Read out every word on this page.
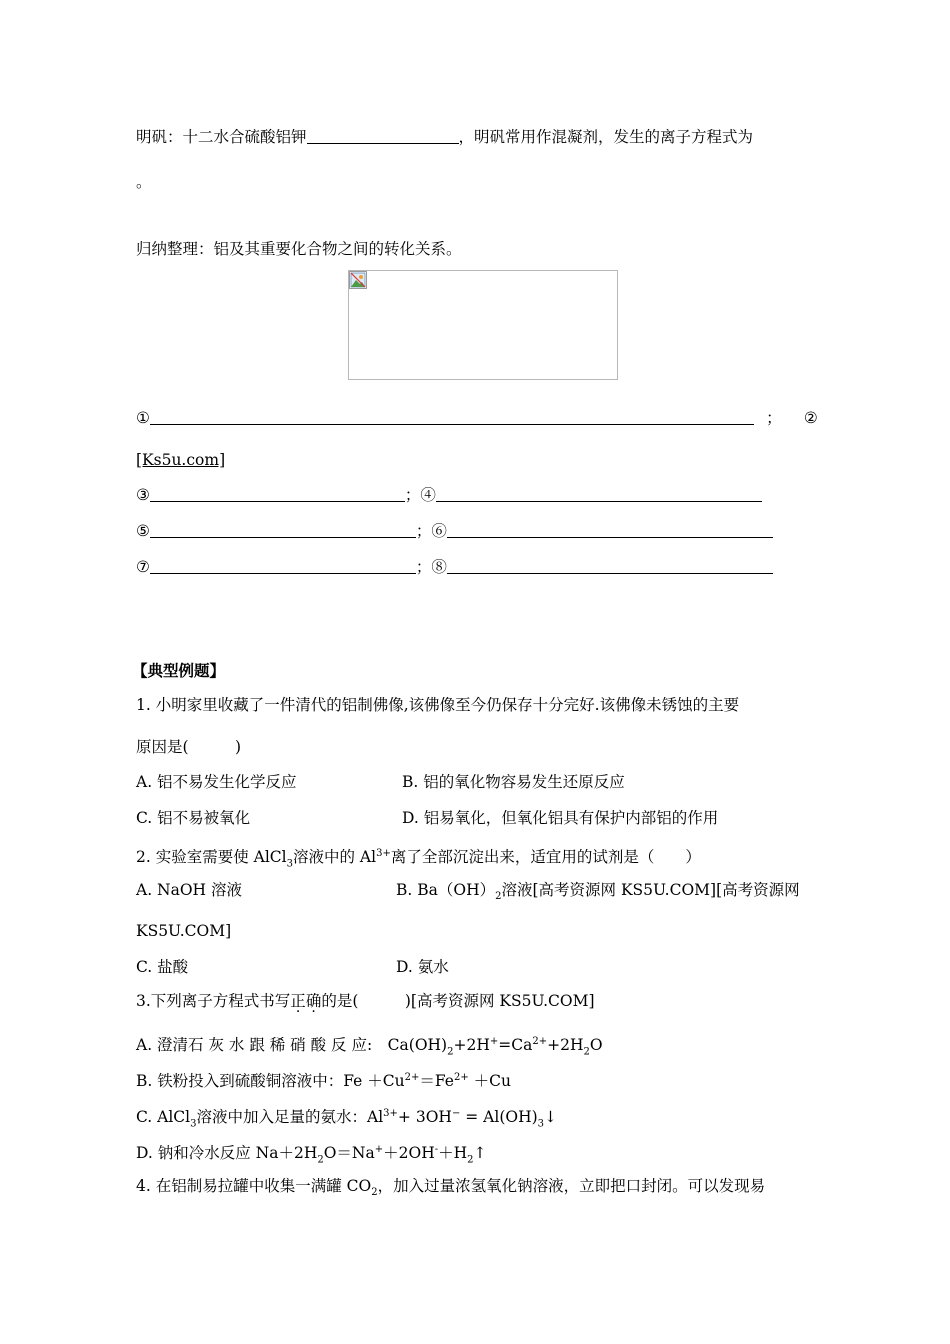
明矾：十二水合硫酸铝钾	，明矾常用作混凝剂，发生的离子方程式为
。
归纳整理：铝及其重要化合物之间的转化关系。
①	； ②
[Ks5u.com]
③	；④
⑤	；⑥
⑦	；⑧
【典型例题】
1. 小明家里收藏了一件清代的铝制佛像,该佛像至今仍保存十分完好.该佛像未锈蚀的主要
原因是(　　　)
A. 铝不易发生化学反应	B. 铝的氧化物容易发生还原反应
C. 铝不易被氧化	D. 铝易氧化，但氧化铝具有保护内部铝的作用
2. 实验室需要使 AlCl$_3$溶液中的 $Al^{3+}$离了全部沉淀出来，适宜用的试剂是（　　）
A. NaOH 溶液	B. $Ba(OH)_2$溶液[高考资源网 KS5U.COM][高考资源网
KS5U.COM]
C. 盐酸	D. 氨水
3.下列离子方程式书写正确的是(　　　)[高考资源网 KS5U.COM]
A. 澄清石 灰 水 跟 稀 硝 酸 反 应:　$Ca(OH)_2+2H^+=Ca^{2+}+2H_2O$
B. 铁粉投入到硫酸铜溶液中：$Fe +Cu^{2+}=Fe^{2+} +Cu$
C. AlCl$_3$溶液中加入足量的氨水：$Al^{3+}+ 3OH^-$ = $Al(OH)_3↓$
D. 钠和冷水反应 $Na+2H_2O=Na^++2OH^-+H_2↑$
4. 在铝制易拉罐中收集一满罐 $CO_2$，加入过量浓氢氧化钠溶液，立即把口封闭。可以发现易
